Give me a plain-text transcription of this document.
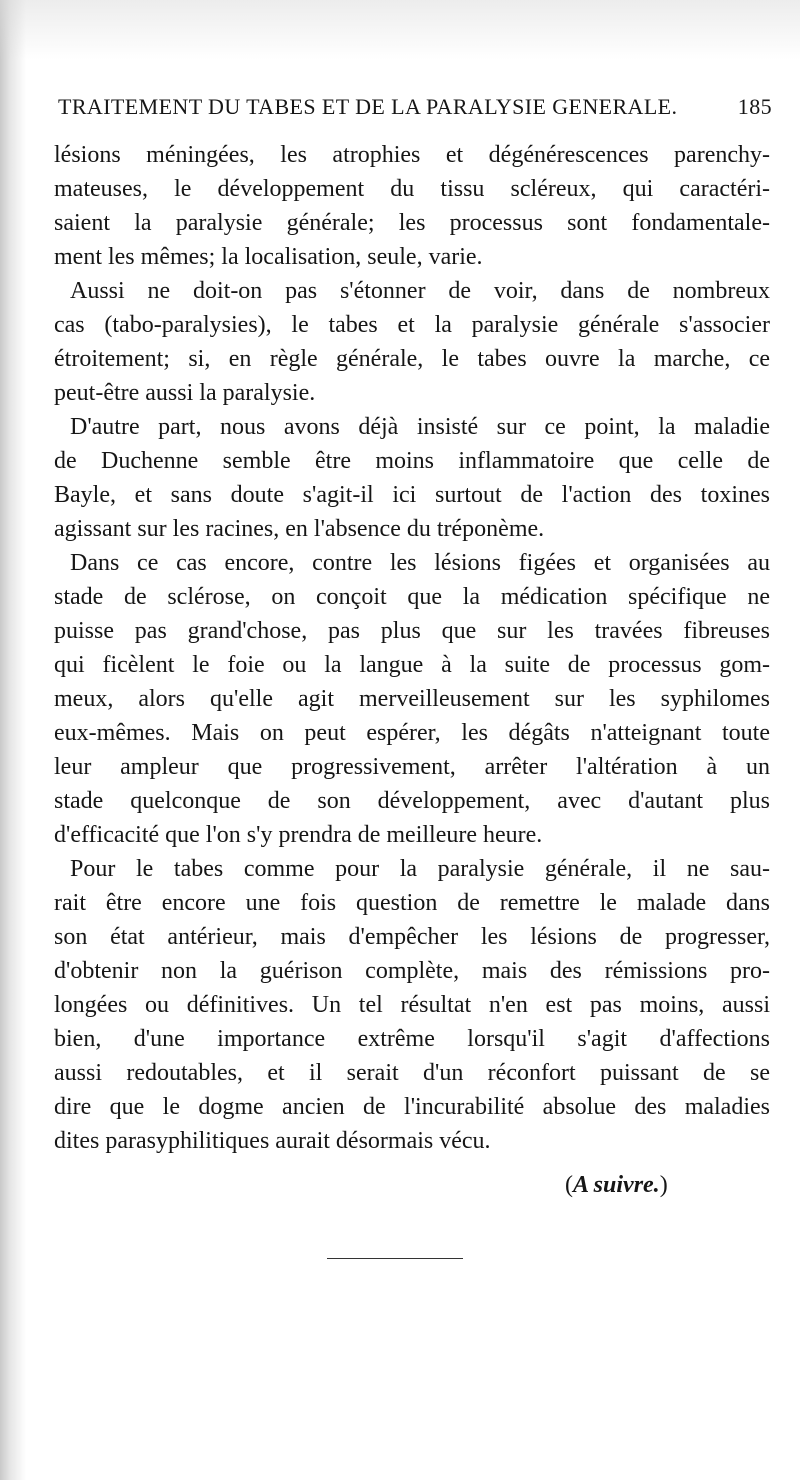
TRAITEMENT DU TABES ET DE LA PARALYSIE GENERALE.	185
lésions méningées, les atrophies et dégénérescences parenchy-
mateuses, le développement du tissu scléreux, qui caractéri-
saient la paralysie générale; les processus sont fondamentale-
ment les mêmes; la localisation, seule, varie.
Aussi ne doit-on pas s'étonner de voir, dans de nombreux
cas (tabo-paralysies), le tabes et la paralysie générale s'associer
étroitement; si, en règle générale, le tabes ouvre la marche, ce
peut-être aussi la paralysie.
D'autre part, nous avons déjà insisté sur ce point, la maladie
de Duchenne semble être moins inflammatoire que celle de
Bayle, et sans doute s'agit-il ici surtout de l'action des toxines
agissant sur les racines, en l'absence du tréponème.
Dans ce cas encore, contre les lésions figées et organisées au
stade de sclérose, on conçoit que la médication spécifique ne
puisse pas grand'chose, pas plus que sur les travées fibreuses
qui ficèlent le foie ou la langue à la suite de processus gom-
meux, alors qu'elle agit merveilleusement sur les syphilomes
eux-mêmes. Mais on peut espérer, les dégâts n'atteignant toute
leur ampleur que progressivement, arrêter l'altération à un
stade quelconque de son développement, avec d'autant plus
d'efficacité que l'on s'y prendra de meilleure heure.
Pour le tabes comme pour la paralysie générale, il ne sau-
rait être encore une fois question de remettre le malade dans
son état antérieur, mais d'empêcher les lésions de progresser,
d'obtenir non la guérison complète, mais des rémissions pro-
longées ou définitives. Un tel résultat n'en est pas moins, aussi
bien, d'une importance extrême lorsqu'il s'agit d'affections
aussi redoutables, et il serait d'un réconfort puissant de se
dire que le dogme ancien de l'incurabilité absolue des maladies
dites parasyphilitiques aurait désormais vécu.
(A suivre.)
